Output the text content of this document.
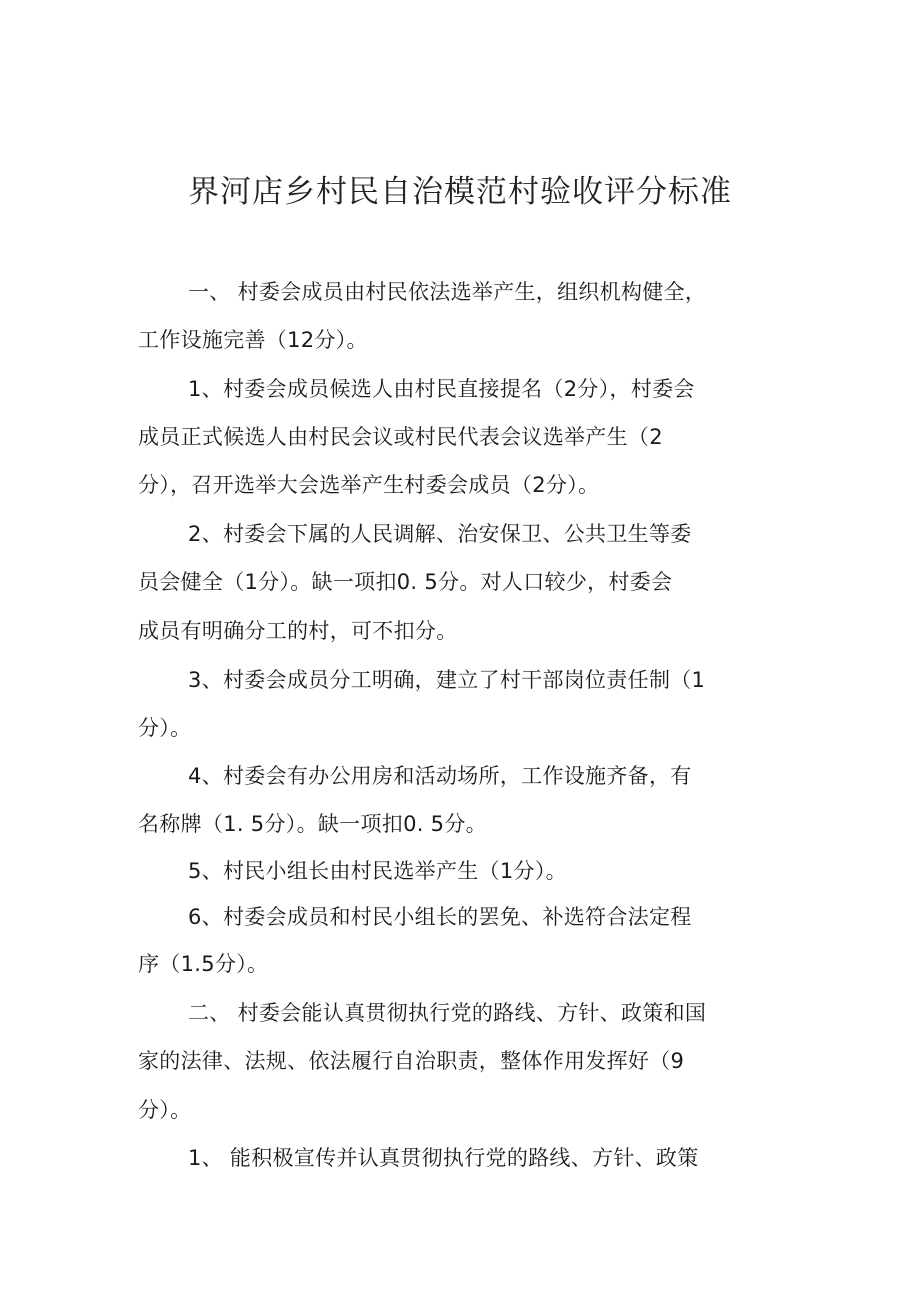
界河店乡村民自治模范村验收评分标准
一、 村委会成员由村民依法选举产生，组织机构健全，
工作设施完善（12分）。
1、村委会成员候选人由村民直接提名（2分），村委会
成员正式候选人由村民会议或村民代表会议选举产生（2
分），召开选举大会选举产生村委会成员（2分）。
2、村委会下属的人民调解、治安保卫、公共卫生等委
员会健全（1分）。缺一项扣0. 5分。对人口较少，村委会
成员有明确分工的村，可不扣分。
3、村委会成员分工明确，建立了村干部岗位责任制（1
分）。
4、村委会有办公用房和活动场所，工作设施齐备，有
名称牌（1. 5分）。缺一项扣0. 5分。
5、村民小组长由村民选举产生（1分）。
6、村委会成员和村民小组长的罢免、补选符合法定程
序（1.5分）。
二、 村委会能认真贯彻执行党的路线、方针、政策和国
家的法律、法规、依法履行自治职责，整体作用发挥好（9
分）。
1、 能积极宣传并认真贯彻执行党的路线、方针、政策
